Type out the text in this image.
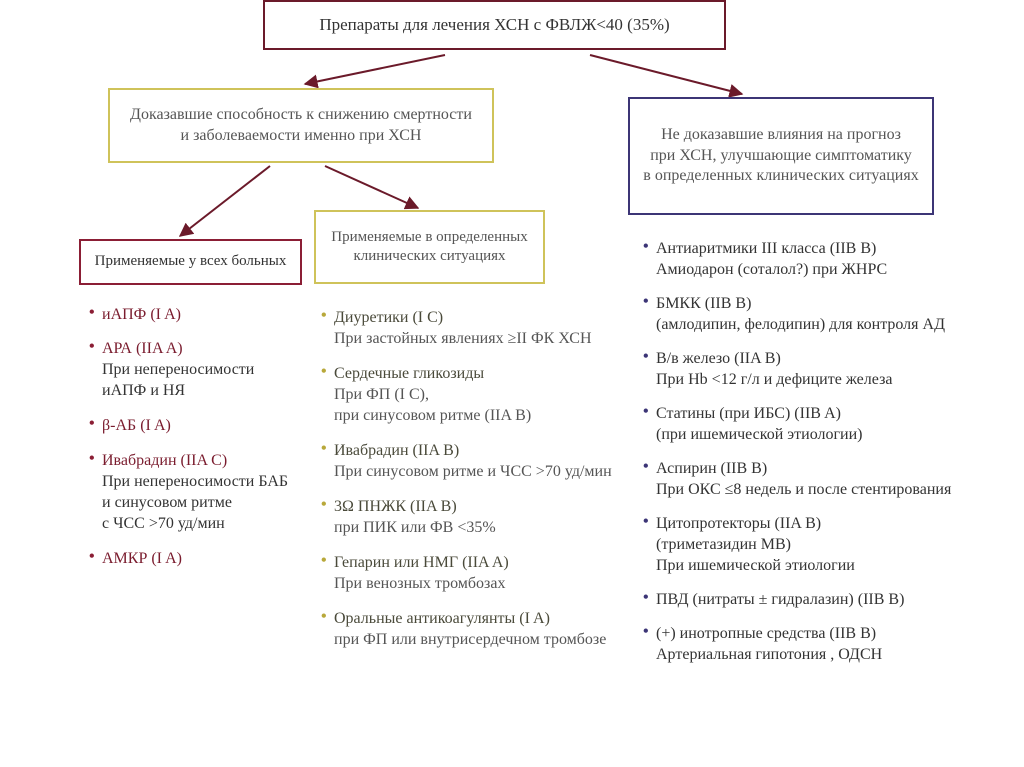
Препараты для лечения ХСН с ФВЛЖ<40 (35%)
Доказавшие способность к снижению смертности
и заболеваемости именно при ХСН	Не доказавшие влияния на прогноз
при ХСН, улучшающие симптоматику
в определенных клинических ситуациях
Применяемые у всех больных
Применяемые в определенных
клинических ситуациях
• иАПФ (I A)
• АРА (IIA A)
При непереносимости
иАПФ и НЯ
• β-АБ (I A)
• Ивабрадин (IIA C)
При непереносимости БАБ
и синусовом ритме
с ЧСС >70 уд/мин
• АМКР (I A)
• Диуретики (I C)
При застойных явлениях ≥II ФК ХСН
• Сердечные гликозиды
При ФП (I C),
при синусовом ритме (IIA B)
• Ивабрадин (IIA B)
При синусовом ритме и ЧСС >70 уд/мин
• 3Ω ПНЖК (IIA B)
при ПИК или ФВ <35%
• Гепарин или НМГ (IIA A)
При венозных тромбозах
• Оральные антикоагулянты (I A)
при ФП или внутрисердечном тромбозе
• Антиаритмики III класса (IIB B)
Амиодарон (соталол?) при ЖНРС
• БМКК (IIB B)
(амлодипин, фелодипин) для контроля АД
• В/в железо (IIA B)
При Hb <12 г/л и дефиците железа
• Статины (при ИБС) (IIB A)
(при ишемической этиологии)
• Аспирин (IIB B)
При ОКС ≤8 недель и после стентирования
• Цитопротекторы (IIA B)
(триметазидин МВ)
При ишемической этиологии
• ПВД (нитраты ± гидралазин) (IIB B)
• (+) инотропные средства (IIB B)
Артериальная гипотония , ОДСН
